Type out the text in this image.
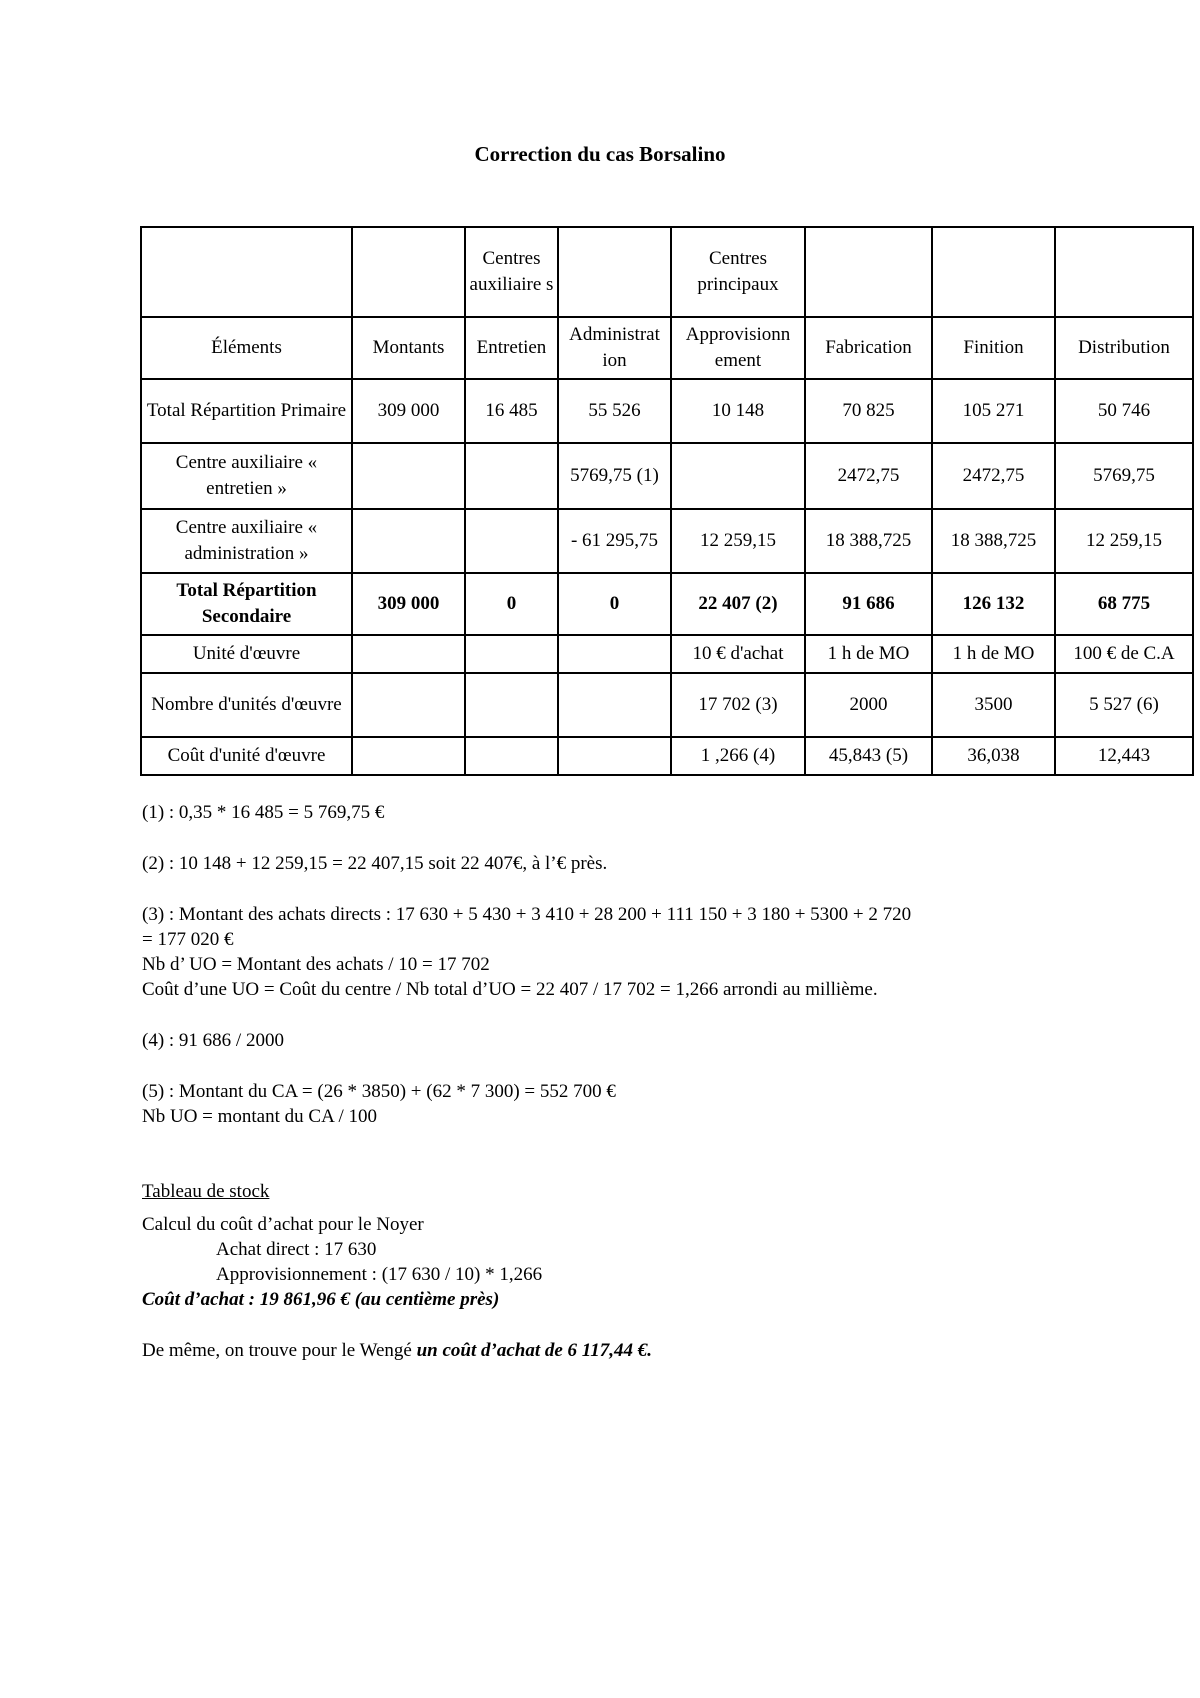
Correction du cas Borsalino
		Centres auxiliaire s		Centres principaux			
Éléments	Montants	Entretien	Administrat ion	Approvisionn ement	Fabrication	Finition	Distribution
Total Répartition Primaire	309 000	16 485	55 526	10 148	70 825	105 271	50 746
Centre auxiliaire « entretien »			5769,75 (1)		2472,75	2472,75	5769,75
Centre auxiliaire « administration »			- 61 295,75	12 259,15	18 388,725	18 388,725	12 259,15
Total Répartition Secondaire	309 000	0	0	22 407 (2)	91 686	126 132	68 775
Unité d'œuvre				10 € d'achat	1 h de MO	1 h de MO	100 € de C.A
Nombre d'unités d'œuvre				17 702 (3)	2000	3500	5 527 (6)
Coût d'unité d'œuvre				1 ,266 (4)	45,843 (5)	36,038	12,443

(1) : 0,35 * 16 485 = 5 769,75 €

(2) : 10 148 + 12 259,15 = 22 407,15 soit 22 407€, à l’€ près.

(3) : Montant des achats directs : 17 630 + 5 430 + 3 410 + 28 200 + 111 150 + 3 180 + 5300 + 2 720

= 177 020 €

Nb d’ UO = Montant des achats / 10 = 17 702

Coût d’une UO = Coût du centre / Nb total d’UO = 22 407 / 17 702 = 1,266 arrondi au millième.

(4) : 91 686 / 2000

(5) : Montant du CA = (26 * 3850) + (62 * 7 300) = 552 700 €

Nb UO = montant du CA / 100

Tableau de stock

Calcul du coût d’achat pour le Noyer

Achat direct : 17 630

Approvisionnement : (17 630 / 10) * 1,266

Coût d’achat : 19 861,96 € (au centième près)

De même, on trouve pour le Wengé un coût d’achat de 6 117,44 €.
